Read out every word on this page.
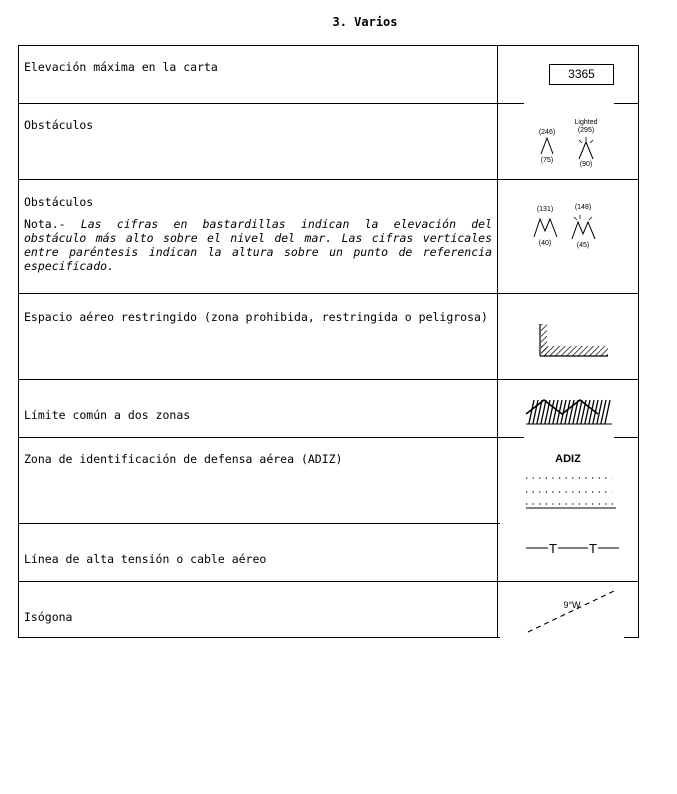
3. Varios
Elevación máxima en la carta	3365
Obstáculos
(246)
(75)
Lighted
(295)
(90)
Obstáculos
Nota.- Las cifras en bastardillas indican la elevación del obstáculo más alto sobre el nivel del mar. Las cifras verticales entre paréntesis indican la altura sobre un punto de referencia especificado.
(131)
(40)
(148)
(45)
Espacio aéreo restringido (zona prohibida, restringida o peligrosa)
Límite común a dos zonas
Zona de identificación de defensa aérea (ADIZ)	ADIZ
Línea de alta tensión o cable aéreo
T T
Isógona
9°W
